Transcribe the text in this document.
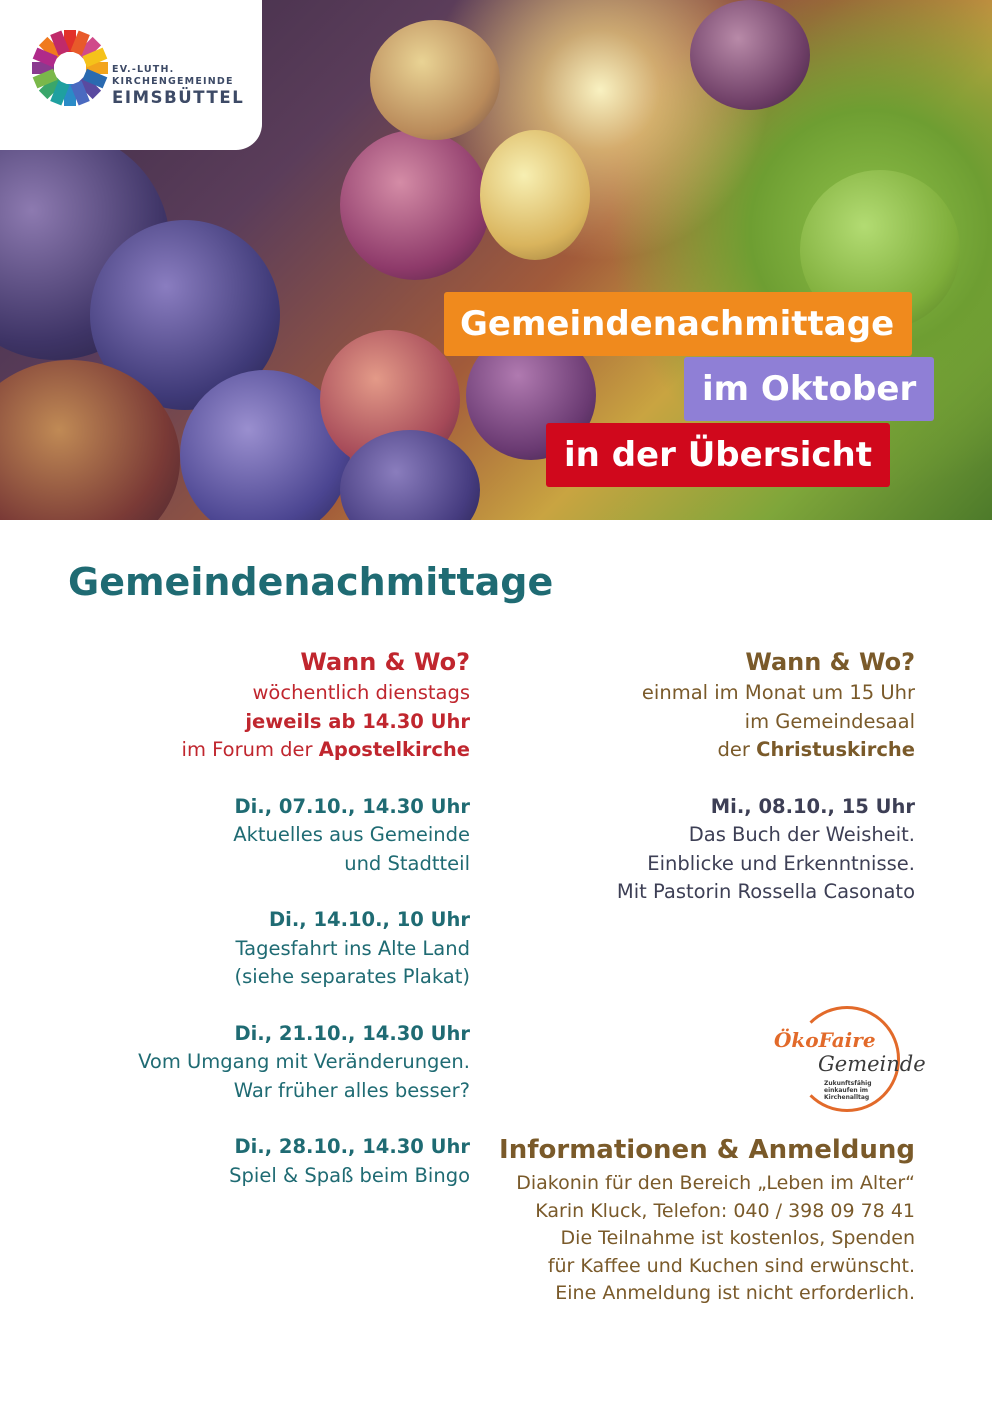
EV.-LUTH.
KIRCHENGEMEINDE
EIMSBÜTTEL
Gemeindenachmittage
im Oktober
in der Übersicht
Gemeindenachmittage

Wann & Wo?

wöchentlich dienstags

jeweils ab 14.30 Uhr

im Forum der Apostelkirche

Di., 07.10., 14.30 Uhr

Aktuelles aus Gemeinde

und Stadtteil

Di., 14.10., 10 Uhr

Tagesfahrt ins Alte Land

(siehe separates Plakat)

Di., 21.10., 14.30 Uhr

Vom Umgang mit Veränderungen.

War früher alles besser?

Di., 28.10., 14.30 Uhr

Spiel & Spaß beim Bingo

Wann & Wo?

einmal im Monat um 15 Uhr

im Gemeindesaal

der Christuskirche

Mi., 08.10., 15 Uhr

Das Buch der Weisheit.

Einblicke und Erkenntnisse.

Mit Pastorin Rossella Casonato

ÖkoFaire
Gemeinde
Zukunftsfähig einkaufen im Kirchenalltag

Informationen & Anmeldung

Diakonin für den Bereich „Leben im Alter“

Karin Kluck, Telefon: 040 / 398 09 78 41

Die Teilnahme ist kostenlos, Spenden

für Kaffee und Kuchen sind erwünscht.

Eine Anmeldung ist nicht erforderlich.
